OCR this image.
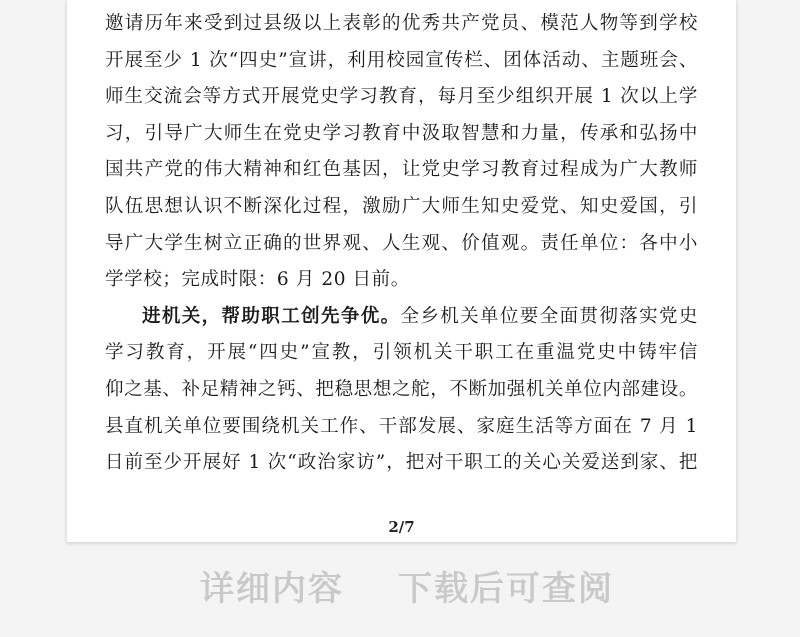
邀请历年来受到过县级以上表彰的优秀共产党员、模范人物等到学校
开展至少 1 次“四史”宣讲，利用校园宣传栏、团体活动、主题班会、
师生交流会等方式开展党史学习教育，每月至少组织开展 1 次以上学
习，引导广大师生在党史学习教育中汲取智慧和力量，传承和弘扬中
国共产党的伟大精神和红色基因，让党史学习教育过程成为广大教师
队伍思想认识不断深化过程，激励广大师生知史爱党、知史爱国，引
导广大学生树立正确的世界观、人生观、价值观。责任单位：各中小
学学校；完成时限：6 月 20 日前。
进机关，帮助职工创先争优。全乡机关单位要全面贯彻落实党史
学习教育，开展“四史”宣教，引领机关干职工在重温党史中铸牢信
仰之基、补足精神之钙、把稳思想之舵，不断加强机关单位内部建设。
县直机关单位要围绕机关工作、干部发展、家庭生活等方面在 7 月 1
日前至少开展好 1 次“政治家访”，把对干职工的关心关爱送到家、把
2/7
详细内容 下载后可查阅
